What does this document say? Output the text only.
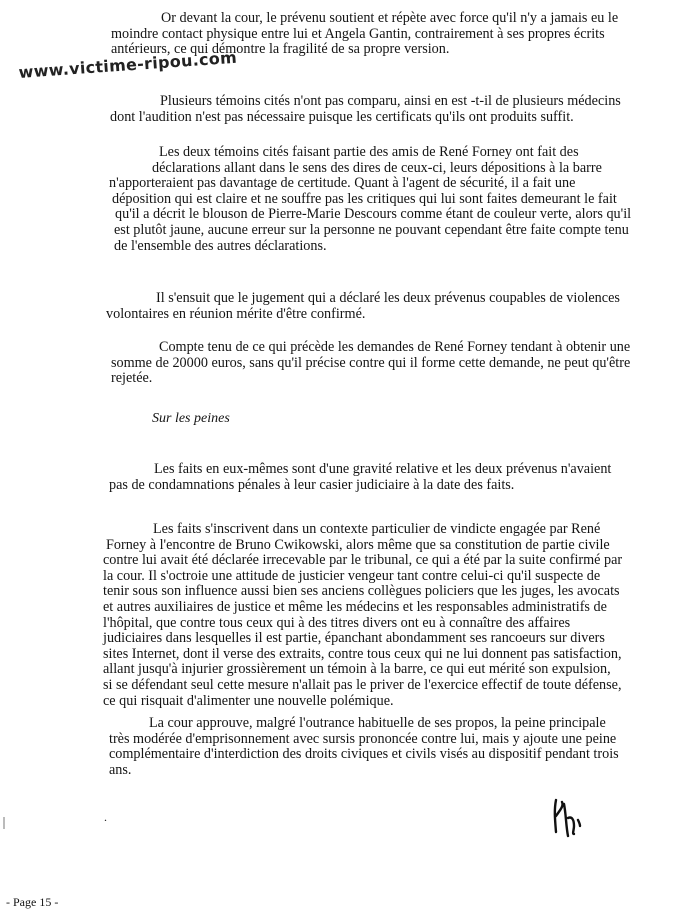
www.victime-ripou.com
Or devant la cour, le prévenu soutient et répète avec force qu'il n'y a jamais eu le
moindre contact physique entre lui et Angela Gantin, contrairement à ses propres écrits
antérieurs, ce qui démontre la fragilité de sa propre version.
Plusieurs témoins cités n'ont pas comparu, ainsi en est -t-il de plusieurs médecins
dont l'audition n'est pas nécessaire puisque les certificats qu'ils ont produits suffit.
Les deux témoins cités faisant partie des amis de René Forney ont fait des
déclarations allant dans le sens des dires de ceux-ci, leurs dépositions à la barre
n'apporteraient pas davantage de certitude. Quant à l'agent de sécurité, il a fait une
déposition qui est claire et ne souffre pas les critiques qui lui sont faites demeurant le fait
qu'il a décrit le blouson de Pierre-Marie Descours comme étant de couleur verte, alors qu'il
est plutôt jaune, aucune erreur sur la personne ne pouvant cependant être faite compte tenu
de l'ensemble des autres déclarations.
Il s'ensuit que le jugement qui a déclaré les deux prévenus coupables de violences
volontaires en réunion mérite d'être confirmé.
Compte tenu de ce qui précède les demandes de René Forney tendant à obtenir une
somme de 20000 euros, sans qu'il précise contre qui il forme cette demande, ne peut qu'être
rejetée.
Sur les peines
Les faits en eux-mêmes sont d'une gravité relative et les deux prévenus n'avaient
pas de condamnations pénales à leur casier judiciaire à la date des faits.
Les faits s'inscrivent dans un contexte particulier de vindicte engagée par René
Forney à l'encontre de Bruno Cwikowski, alors même que sa constitution de partie civile
contre lui avait été déclarée irrecevable par le tribunal, ce qui a été par la suite confirmé par
la cour. Il s'octroie une attitude de justicier vengeur tant contre celui-ci qu'il suspecte de
tenir sous son influence aussi bien ses anciens collègues policiers que les juges, les avocats
et autres auxiliaires de justice et même les médecins et les responsables administratifs de
l'hôpital, que contre tous ceux qui à des titres divers ont eu à connaître des affaires
judiciaires dans lesquelles il est partie, épanchant abondamment ses rancoeurs sur divers
sites Internet, dont il verse des extraits, contre tous ceux qui ne lui donnent pas satisfaction,
allant jusqu'à injurier grossièrement un témoin à la barre, ce qui eut mérité son expulsion,
si se défendant seul cette mesure n'allait pas le priver de l'exercice effectif de toute défense,
ce qui risquait d'alimenter une nouvelle polémique.
La cour approuve, malgré l'outrance habituelle de ses propos, la peine principale
très modérée d'emprisonnement avec sursis prononcée contre lui, mais y ajoute une peine
complémentaire d'interdiction des droits civiques et civils visés au dispositif pendant trois
ans.
.
- Page 15 -
